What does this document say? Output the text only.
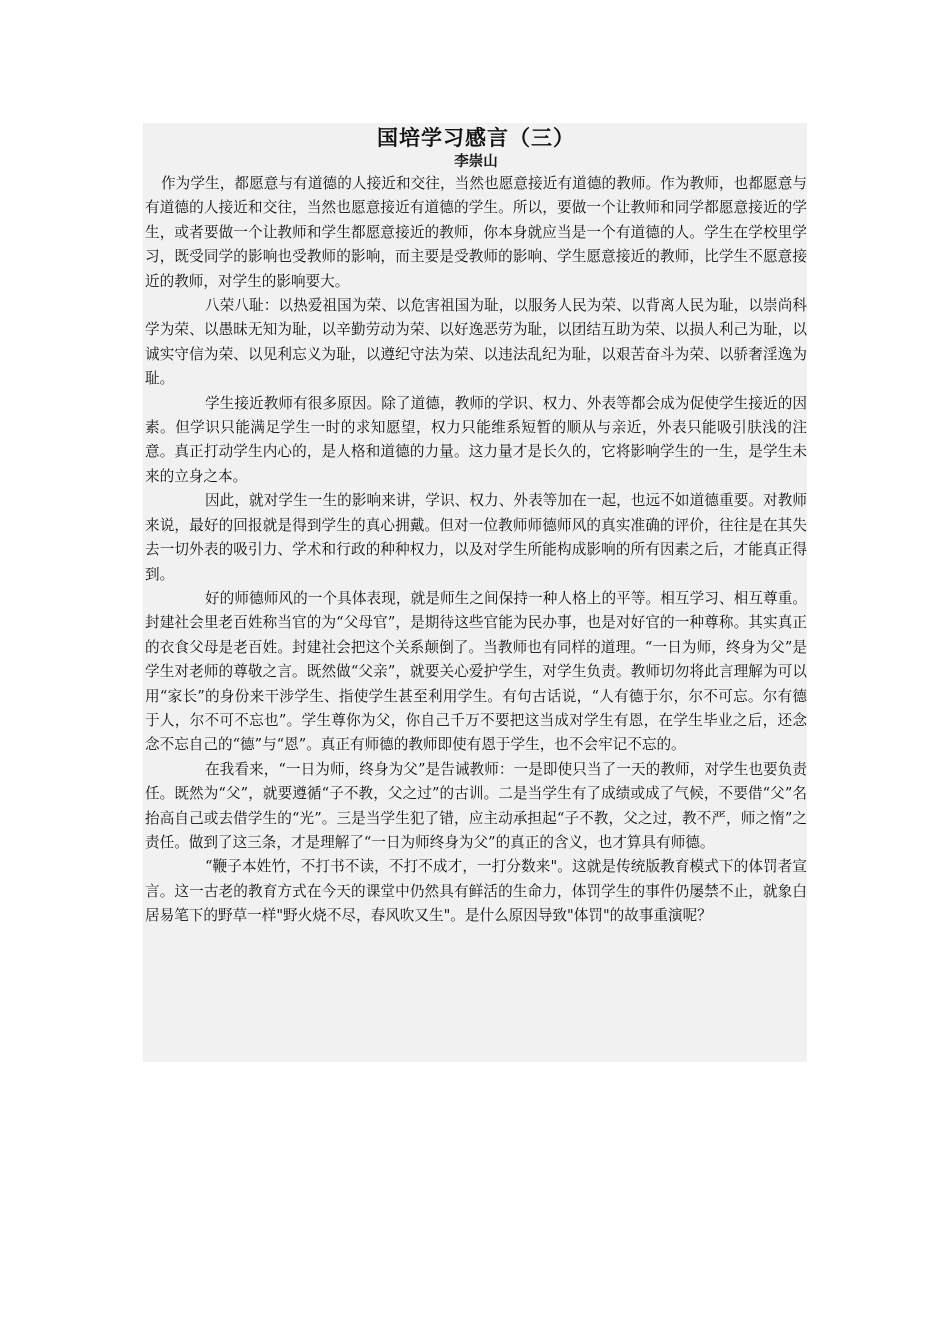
国培学习感言（三）
李崇山

作为学生，都愿意与有道德的人接近和交往，当然也愿意接近有道德的教师。作为教师，也都愿意与有道德的人接近和交往，当然也愿意接近有道德的学生。所以，要做一个让教师和同学都愿意接近的学生，或者要做一个让教师和学生都愿意接近的教师，你本身就应当是一个有道德的人。学生在学校里学习，既受同学的影响也受教师的影响，而主要是受教师的影响、学生愿意接近的教师，比学生不愿意接近的教师，对学生的影响要大。

八荣八耻：以热爱祖国为荣、以危害祖国为耻，以服务人民为荣、以背离人民为耻，以崇尚科学为荣、以愚昧无知为耻，以辛勤劳动为荣、以好逸恶劳为耻，以团结互助为荣、以损人利己为耻，以诚实守信为荣、以见利忘义为耻，以遵纪守法为荣、以违法乱纪为耻，以艰苦奋斗为荣、以骄奢淫逸为耻。

学生接近教师有很多原因。除了道德，教师的学识、权力、外表等都会成为促使学生接近的因素。但学识只能满足学生一时的求知愿望，权力只能维系短暂的顺从与亲近，外表只能吸引肤浅的注意。真正打动学生内心的，是人格和道德的力量。这力量才是长久的，它将影响学生的一生，是学生未来的立身之本。

因此，就对学生一生的影响来讲，学识、权力、外表等加在一起，也远不如道德重要。对教师来说，最好的回报就是得到学生的真心拥戴。但对一位教师师德师风的真实准确的评价，往往是在其失去一切外表的吸引力、学术和行政的种种权力，以及对学生所能构成影响的所有因素之后，才能真正得到。

好的师德师风的一个具体表现，就是师生之间保持一种人格上的平等。相互学习、相互尊重。封建社会里老百姓称当官的为“父母官”，是期待这些官能为民办事，也是对好官的一种尊称。其实真正的衣食父母是老百姓。封建社会把这个关系颠倒了。当教师也有同样的道理。“一日为师，终身为父”是学生对老师的尊敬之言。既然做“父亲”，就要关心爱护学生，对学生负责。教师切勿将此言理解为可以用“家长”的身份来干涉学生、指使学生甚至利用学生。有句古话说，“人有德于尔，尔不可忘。尔有德于人，尔不可不忘也”。学生尊你为父，你自己千万不要把这当成对学生有恩，在学生毕业之后，还念念不忘自己的“德”与“恩”。真正有师德的教师即使有恩于学生，也不会牢记不忘的。

在我看来，“一日为师，终身为父”是告诫教师：一是即使只当了一天的教师，对学生也要负责任。既然为“父”，就要遵循“子不教，父之过”的古训。二是当学生有了成绩或成了气候，不要借“父”名抬高自己或去借学生的“光”。三是当学生犯了错，应主动承担起“子不教，父之过，教不严，师之惰”之责任。做到了这三条，才是理解了“一日为师终身为父”的真正的含义，也才算具有师德。

“鞭子本姓竹，不打书不读，不打不成才，一打分数来"。这就是传统版教育模式下的体罚者宣言。这一古老的教育方式在今天的课堂中仍然具有鲜活的生命力，体罚学生的事件仍屡禁不止，就象白居易笔下的野草一样"野火烧不尽，春风吹又生"。是什么原因导致"体罚"的故事重演呢？
